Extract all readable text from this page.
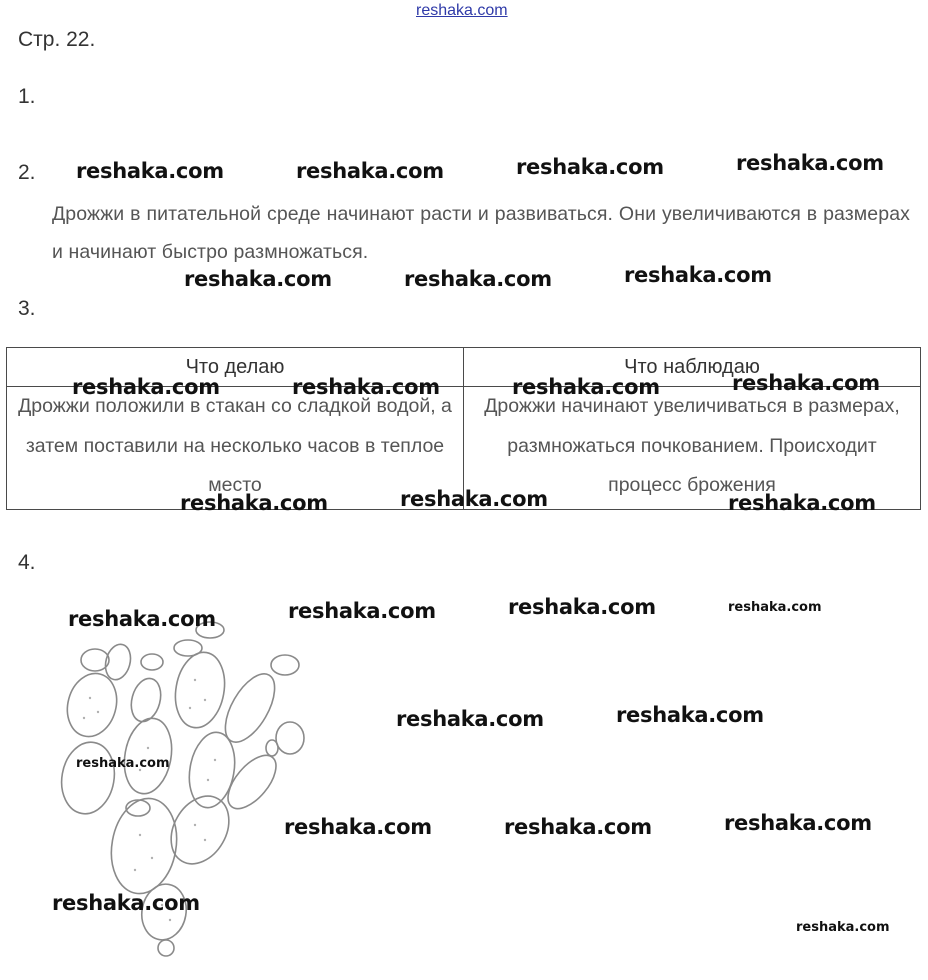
reshaka.com
Стр. 22.
1.
2.
Дрожжи в питательной среде начинают расти и развиваться. Они увеличиваются в размерах и начинают быстро размножаться.
3.
Что делаю	Что наблюдаю
Дрожжи положили в стакан со сладкой водой, а затем поставили на несколько часов в теплое место	Дрожжи начинают увеличиваться в размерах, размножаться почкованием. Происходит процесс брожения
4.
reshaka.com	reshaka.com	reshaka.com	reshaka.com
reshaka.com	reshaka.com	reshaka.com
reshaka.com	reshaka.com	reshaka.com	reshaka.com
reshaka.com	reshaka.com	reshaka.com
reshaka.com	reshaka.com	reshaka.com	reshaka.com
reshaka.com	reshaka.com
reshaka.com
reshaka.com	reshaka.com	reshaka.com
reshaka.com
reshaka.com
